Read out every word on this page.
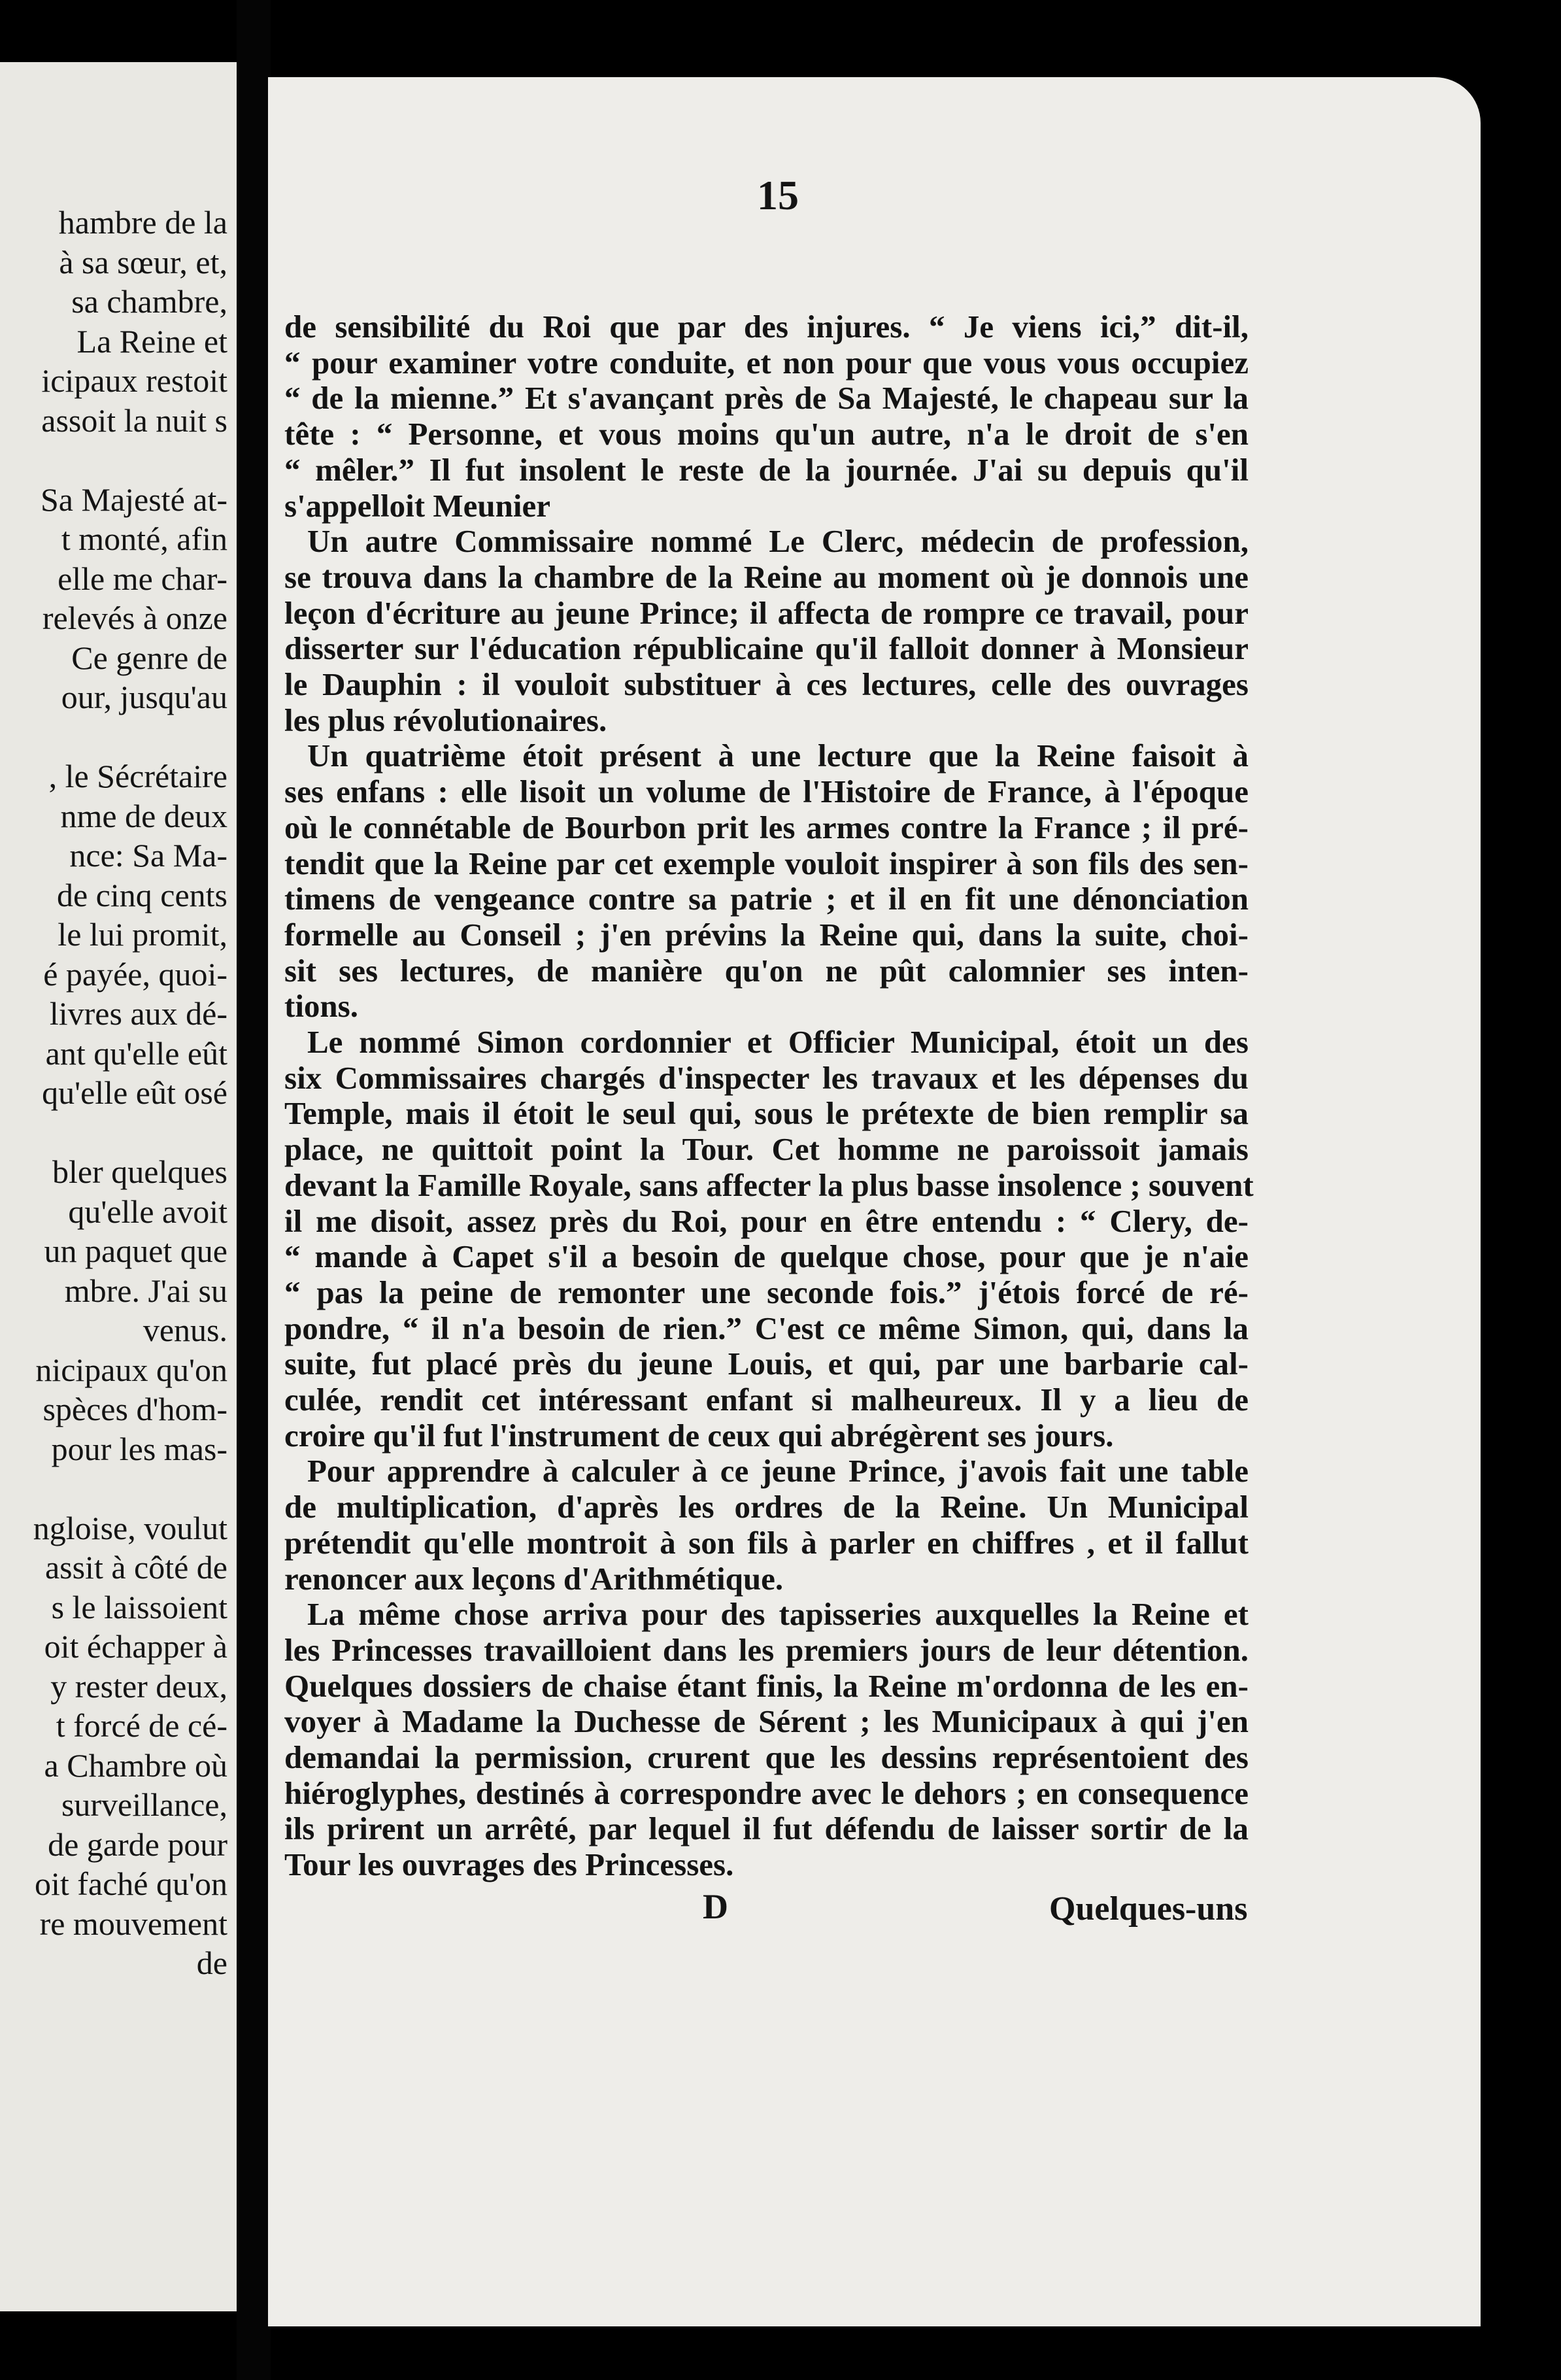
hambre de la
à sa sœur, et,
sa chambre,
La Reine et
icipaux restoit
assoit la nuit s
Sa Majesté at-
t monté, afin
elle me char-
relevés à onze
Ce genre de
our, jusqu'au
, le Sécrétaire
nme de deux
nce: Sa Ma-
de cinq cents
le lui promit,
é payée, quoi-
livres aux dé-
ant qu'elle eût
qu'elle eût osé
bler quelques
qu'elle avoit
un paquet que
mbre. J'ai su
venus.
nicipaux qu'on
spèces d'hom-
pour les mas-
ngloise, voulut
assit à côté de
s le laissoient
oit échapper à
y rester deux,
t forcé de cé-
a Chambre où
surveillance,
de garde pour
oit faché qu'on
re mouvement
de
15
de sensibilité du Roi que par des injures. “ Je viens ici,” dit-il,
“ pour examiner votre conduite, et non pour que vous vous occupiez
“ de la mienne.” Et s'avançant près de Sa Majesté, le chapeau sur la
tête : “ Personne, et vous moins qu'un autre, n'a le droit de s'en
“ mêler.” Il fut insolent le reste de la journée. J'ai su depuis qu'il
s'appelloit Meunier
Un autre Commissaire nommé Le Clerc, médecin de profession,
se trouva dans la chambre de la Reine au moment où je donnois une
leçon d'écriture au jeune Prince; il affecta de rompre ce travail, pour
disserter sur l'éducation républicaine qu'il falloit donner à Monsieur
le Dauphin : il vouloit substituer à ces lectures, celle des ouvrages
les plus révolutionaires.
Un quatrième étoit présent à une lecture que la Reine faisoit à
ses enfans : elle lisoit un volume de l'Histoire de France, à l'époque
où le connétable de Bourbon prit les armes contre la France ; il pré-
tendit que la Reine par cet exemple vouloit inspirer à son fils des sen-
timens de vengeance contre sa patrie ; et il en fit une dénonciation
formelle au Conseil ; j'en prévins la Reine qui, dans la suite, choi-
sit ses lectures, de manière qu'on ne pût calomnier ses inten-
tions.
Le nommé Simon cordonnier et Officier Municipal, étoit un des
six Commissaires chargés d'inspecter les travaux et les dépenses du
Temple, mais il étoit le seul qui, sous le prétexte de bien remplir sa
place, ne quittoit point la Tour. Cet homme ne paroissoit jamais
devant la Famille Royale, sans affecter la plus basse insolence ; souvent
il me disoit, assez près du Roi, pour en être entendu : “ Clery, de-
“ mande à Capet s'il a besoin de quelque chose, pour que je n'aie
“ pas la peine de remonter une seconde fois.” j'étois forcé de ré-
pondre, “ il n'a besoin de rien.” C'est ce même Simon, qui, dans la
suite, fut placé près du jeune Louis, et qui, par une barbarie cal-
culée, rendit cet intéressant enfant si malheureux. Il y a lieu de
croire qu'il fut l'instrument de ceux qui abrégèrent ses jours.
Pour apprendre à calculer à ce jeune Prince, j'avois fait une table
de multiplication, d'après les ordres de la Reine. Un Municipal
prétendit qu'elle montroit à son fils à parler en chiffres , et il fallut
renoncer aux leçons d'Arithmétique.
La même chose arriva pour des tapisseries auxquelles la Reine et
les Princesses travailloient dans les premiers jours de leur détention.
Quelques dossiers de chaise étant finis, la Reine m'ordonna de les en-
voyer à Madame la Duchesse de Sérent ; les Municipaux à qui j'en
demandai la permission, crurent que les dessins représentoient des
hiéroglyphes, destinés à correspondre avec le dehors ; en consequence
ils prirent un arrêté, par lequel il fut défendu de laisser sortir de la
Tour les ouvrages des Princesses.
D	Quelques-uns
